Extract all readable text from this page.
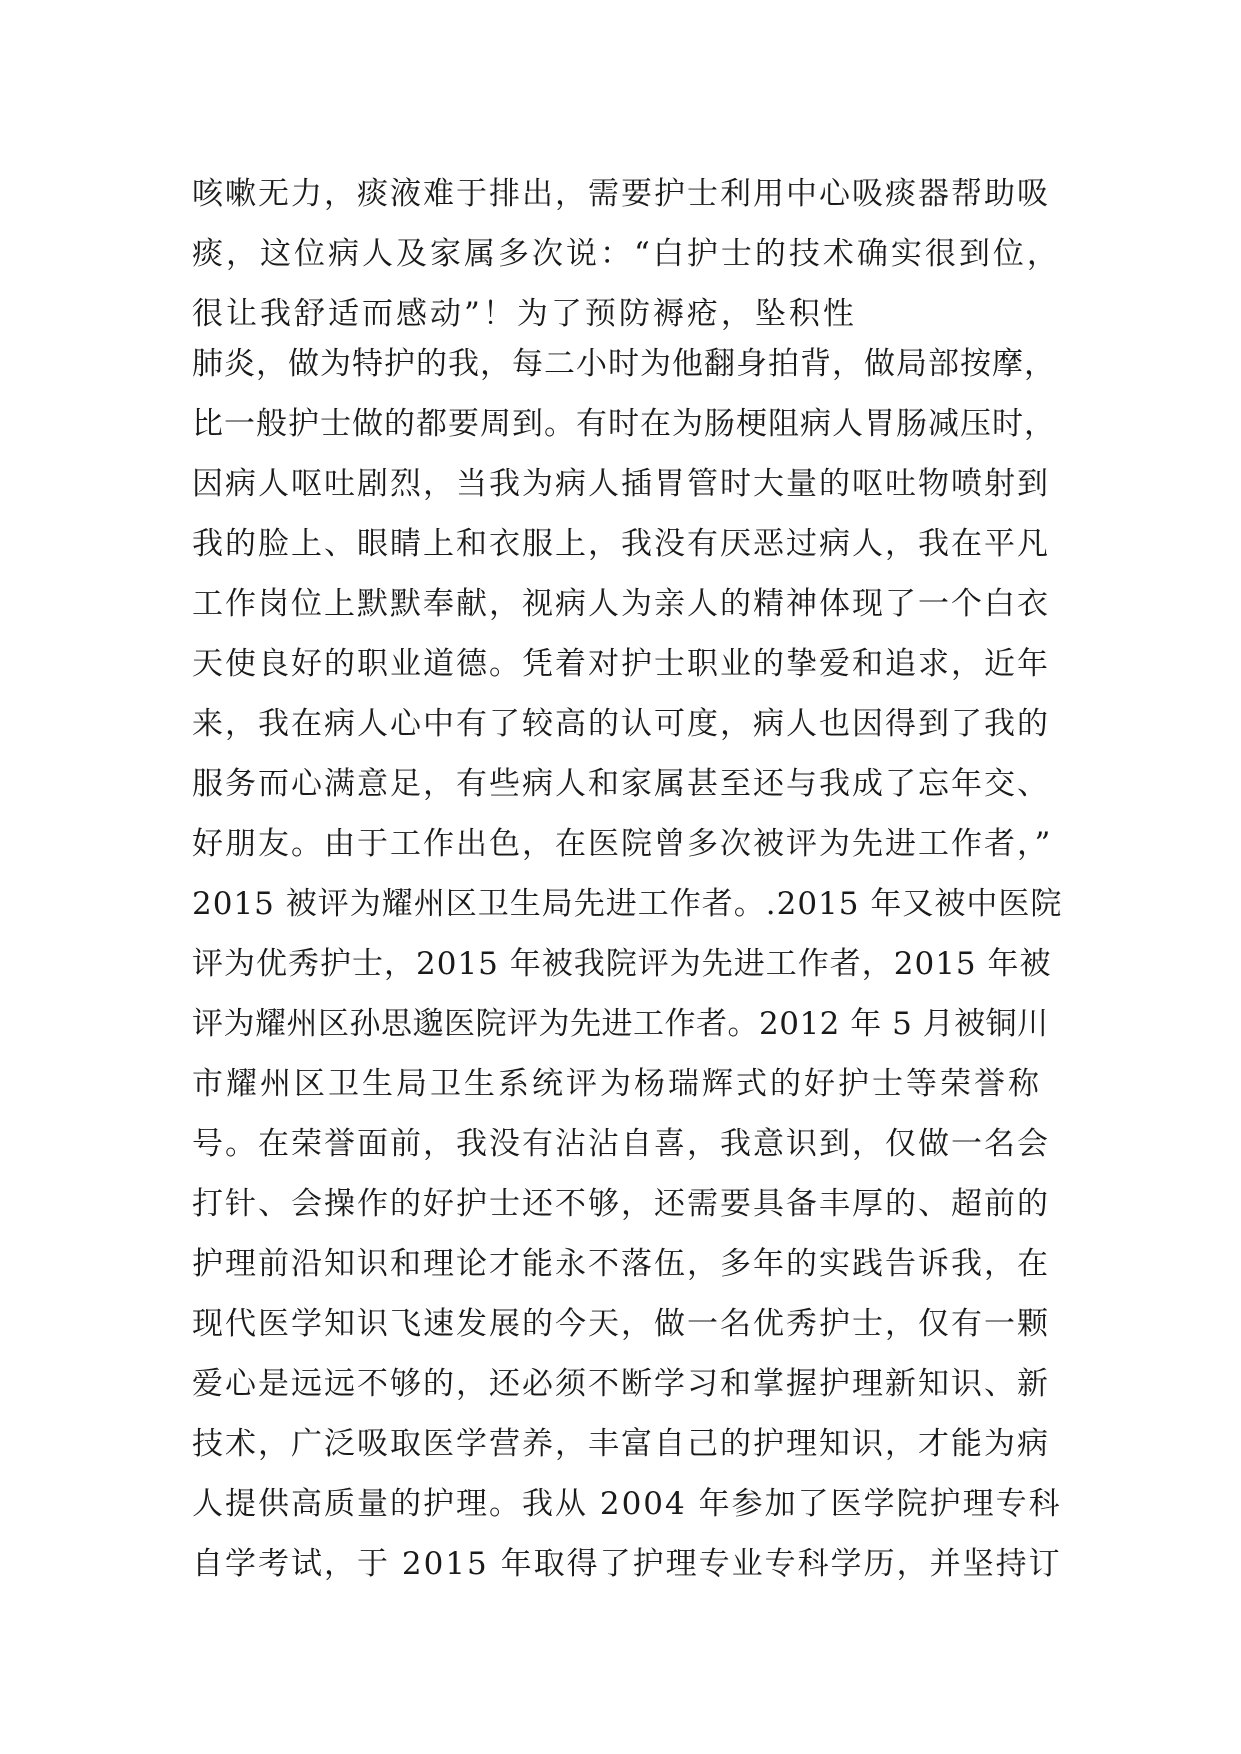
咳嗽无力，痰液难于排出，需要护士利用中心吸痰器帮助吸
痰，这位病人及家属多次说：“白护士的技术确实很到位，
很让我舒适而感动”！为了预防褥疮，坠积性
肺炎，做为特护的我，每二小时为他翻身拍背，做局部按摩，
比一般护士做的都要周到。有时在为肠梗阻病人胃肠减压时，
因病人呕吐剧烈，当我为病人插胃管时大量的呕吐物喷射到
我的脸上、眼睛上和衣服上，我没有厌恶过病人，我在平凡
工作岗位上默默奉献，视病人为亲人的精神体现了一个白衣
天使良好的职业道德。凭着对护士职业的挚爱和追求，近年
来，我在病人心中有了较高的认可度，病人也因得到了我的
服务而心满意足，有些病人和家属甚至还与我成了忘年交、
好朋友。由于工作出色，在医院曾多次被评为先进工作者，”
2015 被评为耀州区卫生局先进工作者。.2015 年又被中医院
评为优秀护士，2015 年被我院评为先进工作者，2015 年被
评为耀州区孙思邈医院评为先进工作者。2012 年 5 月被铜川
市耀州区卫生局卫生系统评为杨瑞辉式的好护士等荣誉称
号。在荣誉面前，我没有沾沾自喜，我意识到，仅做一名会
打针、会操作的好护士还不够，还需要具备丰厚的、超前的
护理前沿知识和理论才能永不落伍，多年的实践告诉我，在
现代医学知识飞速发展的今天，做一名优秀护士，仅有一颗
爱心是远远不够的，还必须不断学习和掌握护理新知识、新
技术，广泛吸取医学营养，丰富自己的护理知识，才能为病
人提供高质量的护理。我从 2004 年参加了医学院护理专科
自学考试，于 2015 年取得了护理专业专科学历，并坚持订
